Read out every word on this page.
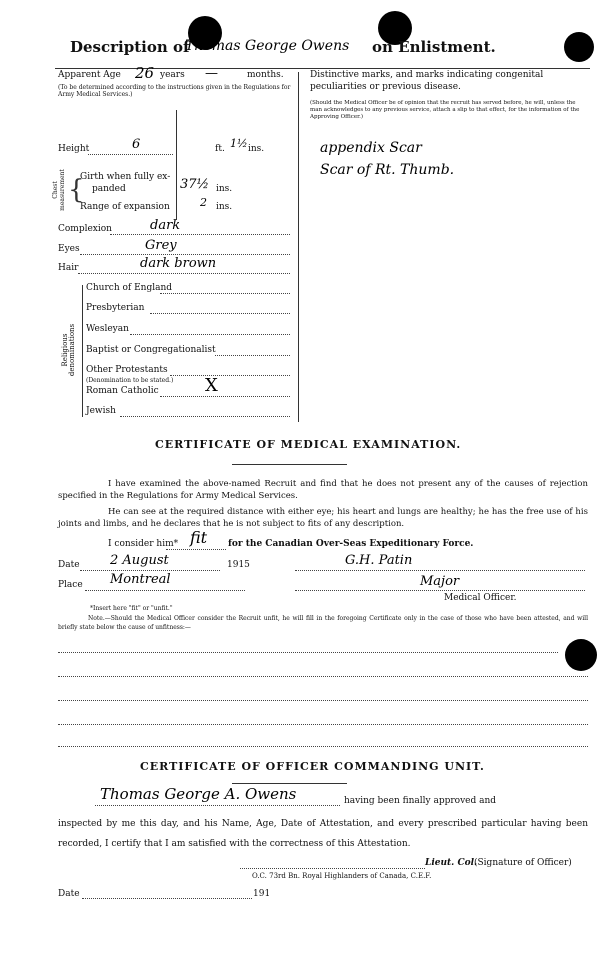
Description of
Thomas George Owens on Enlistment.
Apparent Age 26 years —	months.
(To be determined according to the instructions given in the Regulations for Army Medical Services.)
Height	6	ft. 1½ ins.
Chest measurement {
Girth when fully ex-
panded	37½ ins.
Range of expansion	2 ins.
Complexion	dark
Eyes	Grey
Hair	dark brown
Religious denominations
Church of England
Presbyterian
Wesleyan
Baptist or Congregationalist
Other Protestants
(Denomination to be stated.)
Roman Catholic	X
Jewish
Distinctive marks, and marks indicating congenital
peculiarities or previous disease.
(Should the Medical Officer be of opinion that the recruit has served before, he will, unless the man acknowledges to any previous service, attach a slip to that effect, for the information of the Approving Officer.)
appendix Scar
Scar of Rt. Thumb.
CERTIFICATE OF MEDICAL EXAMINATION.
I have examined the above-named Recruit and find that he does not present any of the causes of rejection specified in the Regulations for Army Medical Services.
He can see at the required distance with either eye; his heart and lungs are healthy; he has the free use of his joints and limbs, and he declares that he is not subject to fits of any description.
I consider him* fit for the Canadian Over-Seas Expeditionary Force.
Date 2 August	1915	G.H. Patin
Place Montreal	Major
Medical Officer.
*Insert here "fit" or "unfit."
Note.—Should the Medical Officer consider the Recruit unfit, he will fill in the foregoing Certificate only in the case of those who have been attested, and will briefly state below the cause of unfitness:—
CERTIFICATE OF OFFICER COMMANDING UNIT.
Thomas George A. Owens	having been finally approved and
inspected by me this day, and his Name, Age, Date of Attestation, and every prescribed particular having been recorded, I certify that I am satisfied with the correctness of this Attestation.
Lieut. Col.
(Signature of Officer)
O.C. 73rd Bn. Royal Highlanders of Canada, C.E.F.
Date	191
